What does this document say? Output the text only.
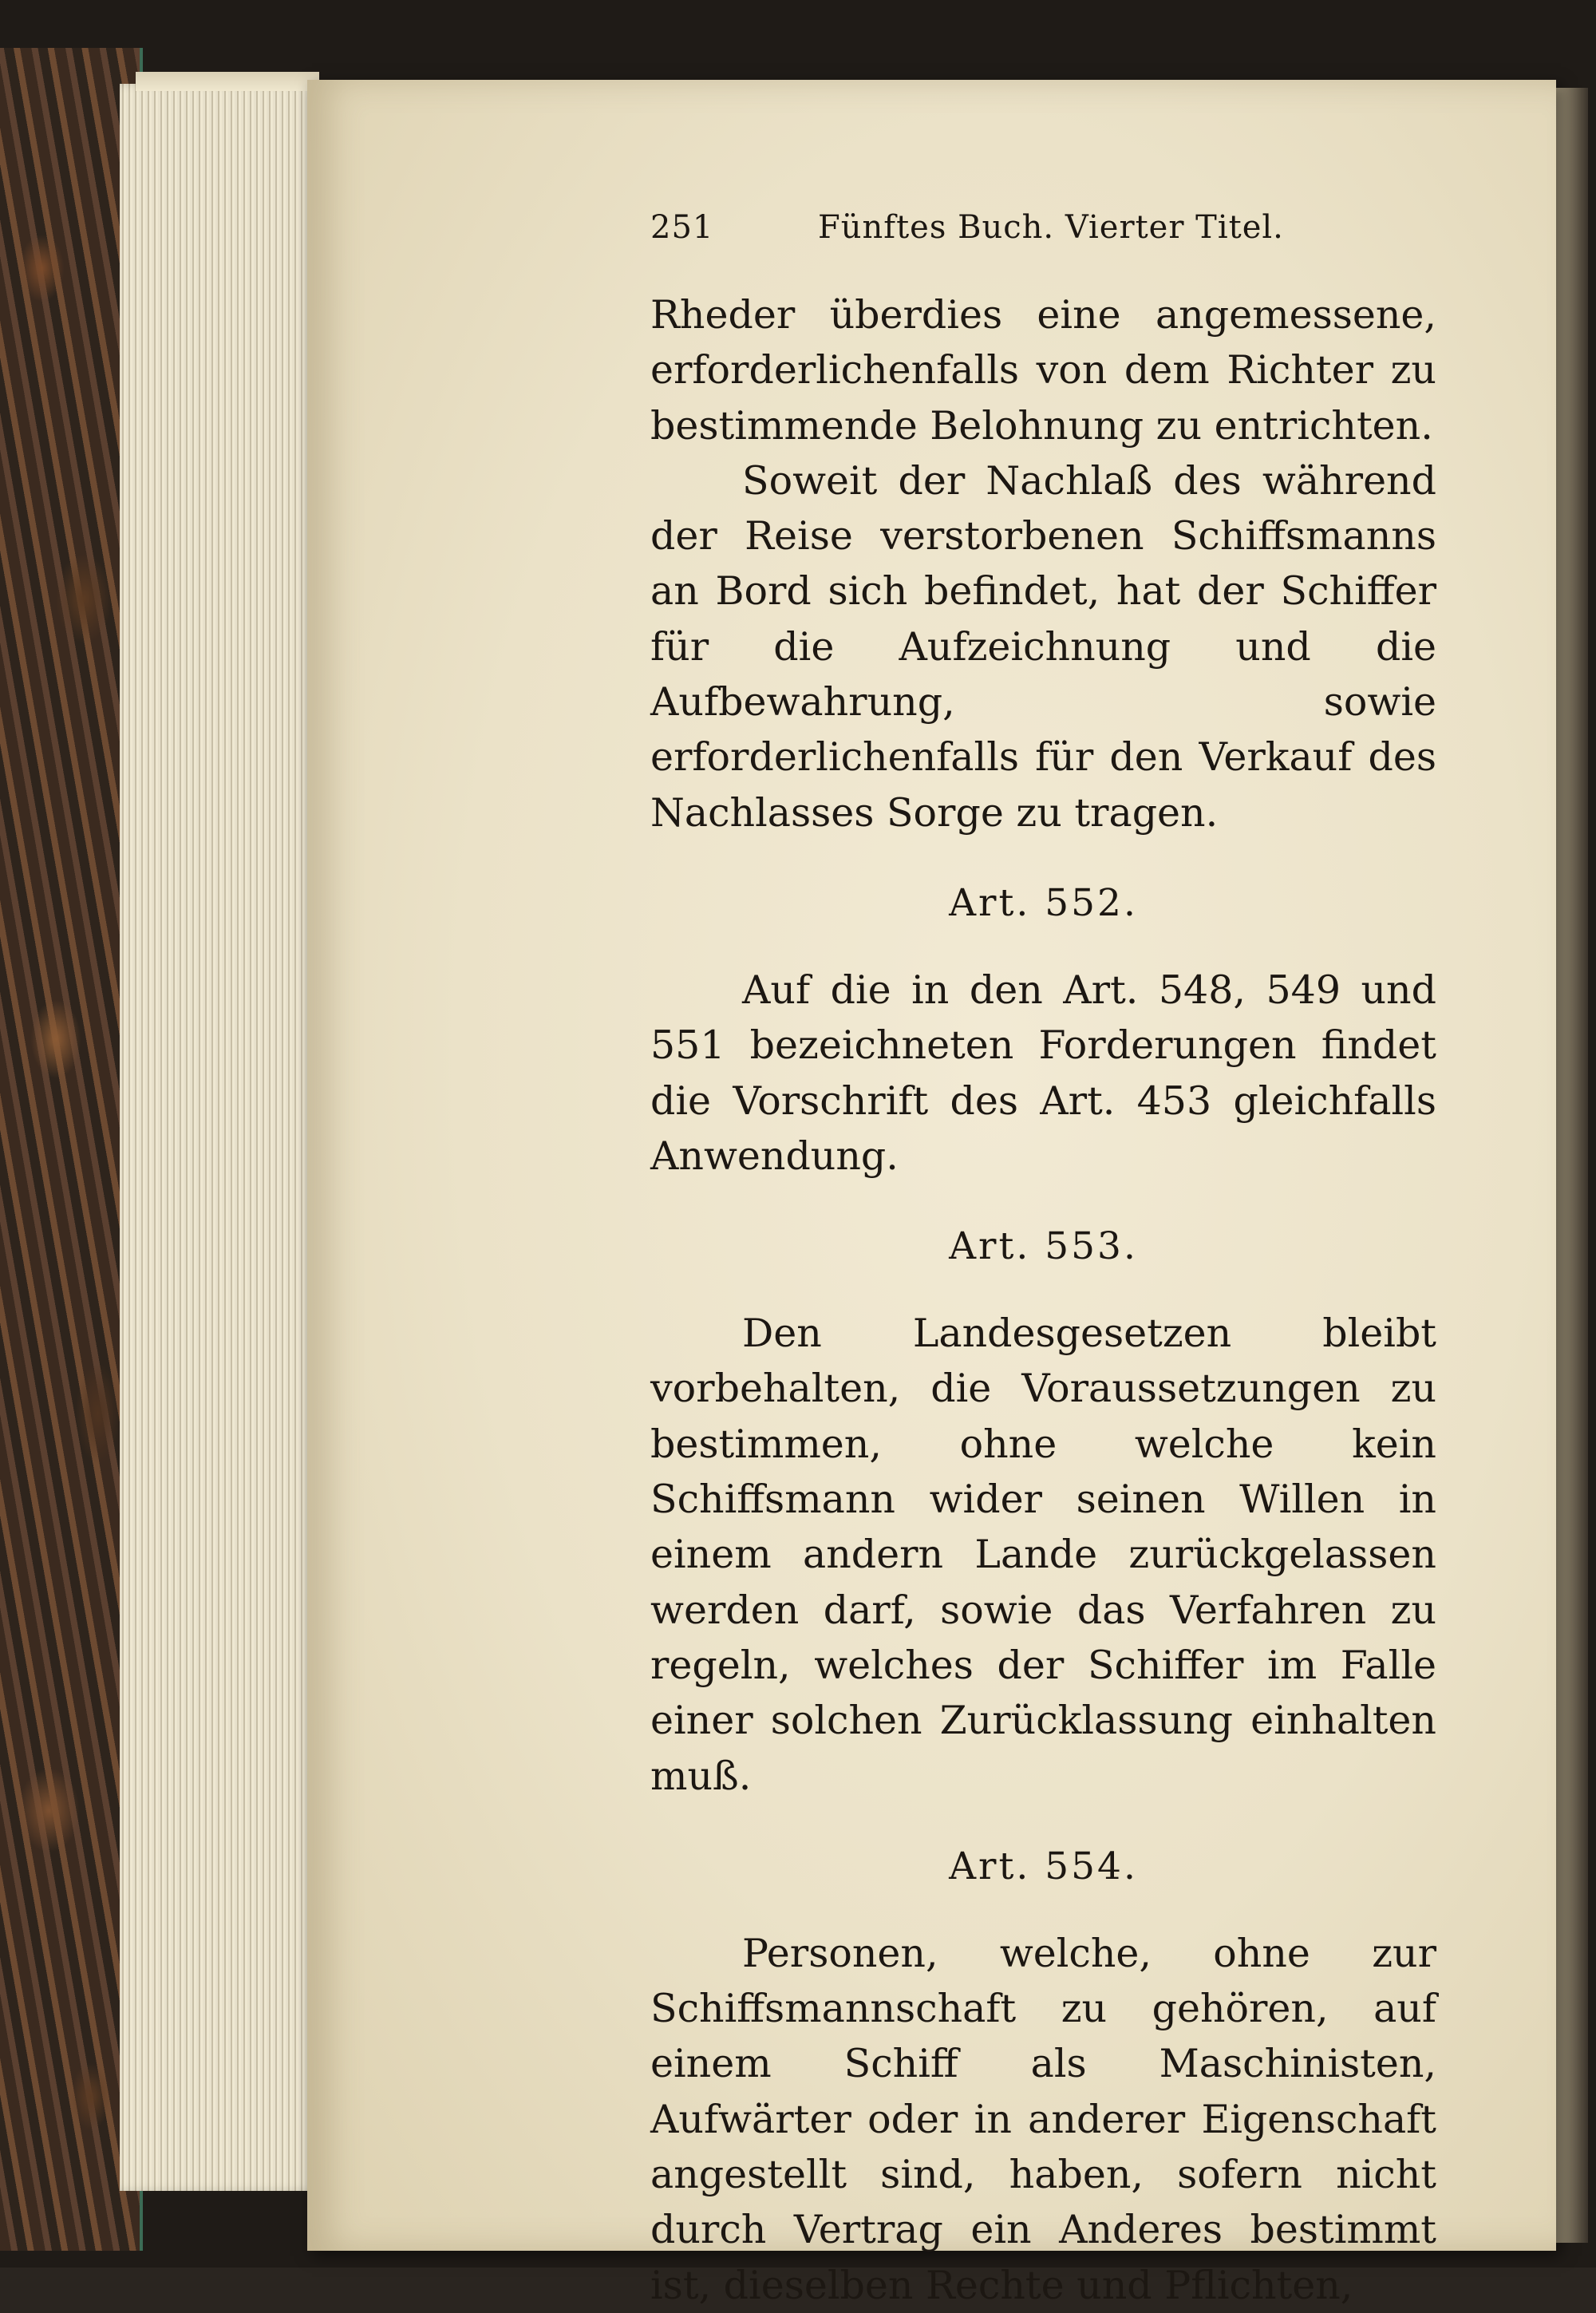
251	Fünftes Buch. Vierter Titel.

Rheder überdies eine angemessene, erforderlichenfalls von dem Richter zu bestimmende Belohnung zu entrichten.

Soweit der Nachlaß des während der Reise verstorbenen Schiffsmanns an Bord sich befindet, hat der Schiffer für die Aufzeichnung und die Aufbewahrung, sowie erforderlichenfalls für den Verkauf des Nachlasses Sorge zu tragen.

Art. 552.

Auf die in den Art. 548, 549 und 551 bezeichneten Forderungen findet die Vorschrift des Art. 453 gleichfalls Anwendung.

Art. 553.

Den Landesgesetzen bleibt vorbehalten, die Voraussetzungen zu bestimmen, ohne welche kein Schiffsmann wider seinen Willen in einem andern Lande zurückgelassen werden darf, sowie das Verfahren zu regeln, welches der Schiffer im Falle einer solchen Zurücklassung einhalten muß.

Art. 554.

Personen, welche, ohne zur Schiffsmannschaft zu gehören, auf einem Schiff als Maschinisten, Aufwärter oder in anderer Eigenschaft angestellt sind, haben, sofern nicht durch Vertrag ein Anderes bestimmt ist, dieselben Rechte und Pflichten,
